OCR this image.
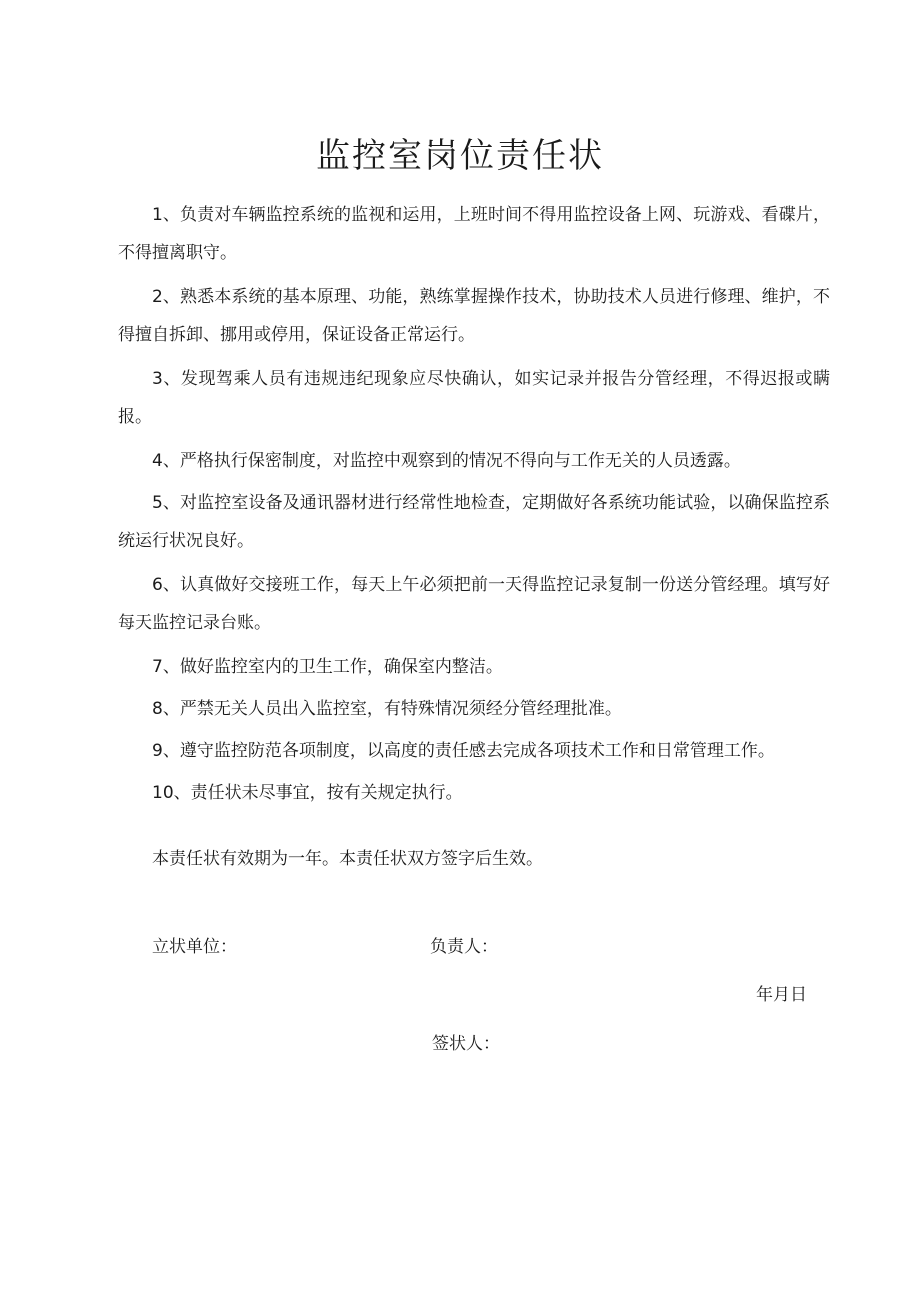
监控室岗位责任状

1、负责对车辆监控系统的监视和运用，上班时间不得用监控设备上网、玩游戏、看碟片，不得擅离职守。

2、熟悉本系统的基本原理、功能，熟练掌握操作技术，协助技术人员进行修理、维护，不得擅自拆卸、挪用或停用，保证设备正常运行。

3、发现驾乘人员有违规违纪现象应尽快确认，如实记录并报告分管经理，不得迟报或瞒报。

4、严格执行保密制度，对监控中观察到的情况不得向与工作无关的人员透露。

5、对监控室设备及通讯器材进行经常性地检查，定期做好各系统功能试验，以确保监控系统运行状况良好。

6、认真做好交接班工作，每天上午必须把前一天得监控记录复制一份送分管经理。填写好每天监控记录台账。

7、做好监控室内的卫生工作，确保室内整洁。

8、严禁无关人员出入监控室，有特殊情况须经分管经理批准。

9、遵守监控防范各项制度，以高度的责任感去完成各项技术工作和日常管理工作。

10、责任状未尽事宜，按有关规定执行。

本责任状有效期为一年。本责任状双方签字后生效。

立状单位：	负责人：

年月日

签状人：
